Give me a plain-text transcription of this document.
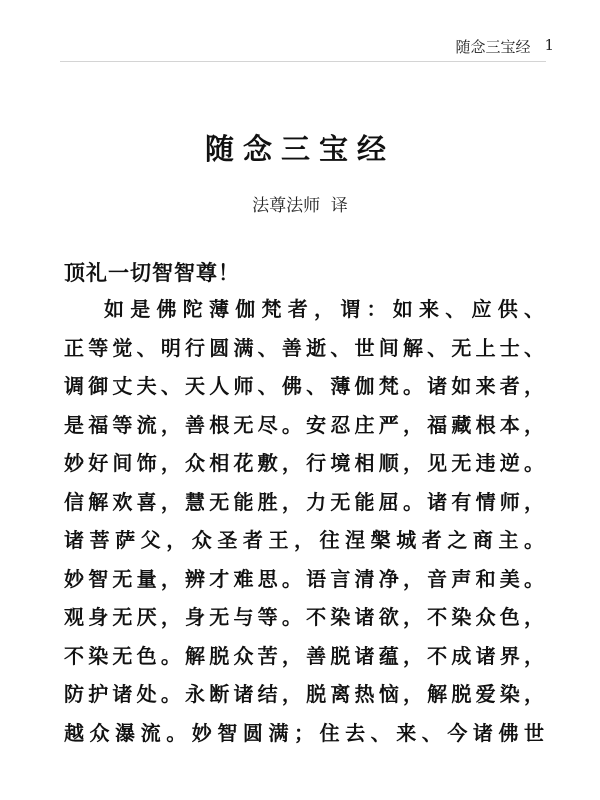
随念三宝经 1
随念三宝经
法尊法师  译
顶礼一切智智尊！
如是佛陀薄伽梵者，谓：如来、应供、
正等觉、明行圆满、善逝、世间解、无上士、
调御丈夫、天人师、佛、薄伽梵。诸如来者，
是福等流，善根无尽。安忍庄严，福藏根本，
妙好间饰，众相花敷，行境相顺，见无违逆。
信解欢喜，慧无能胜，力无能屈。诸有情师，
诸菩萨父，众圣者王，往涅槃城者之商主。
妙智无量，辨才难思。语言清净，音声和美。
观身无厌，身无与等。不染诸欲，不染众色，
不染无色。解脱众苦，善脱诸蕴，不成诸界，
防护诸处。永断诸结，脱离热恼，解脱爱染，
越众瀑流。妙智圆满；住去、来、今诸佛世
